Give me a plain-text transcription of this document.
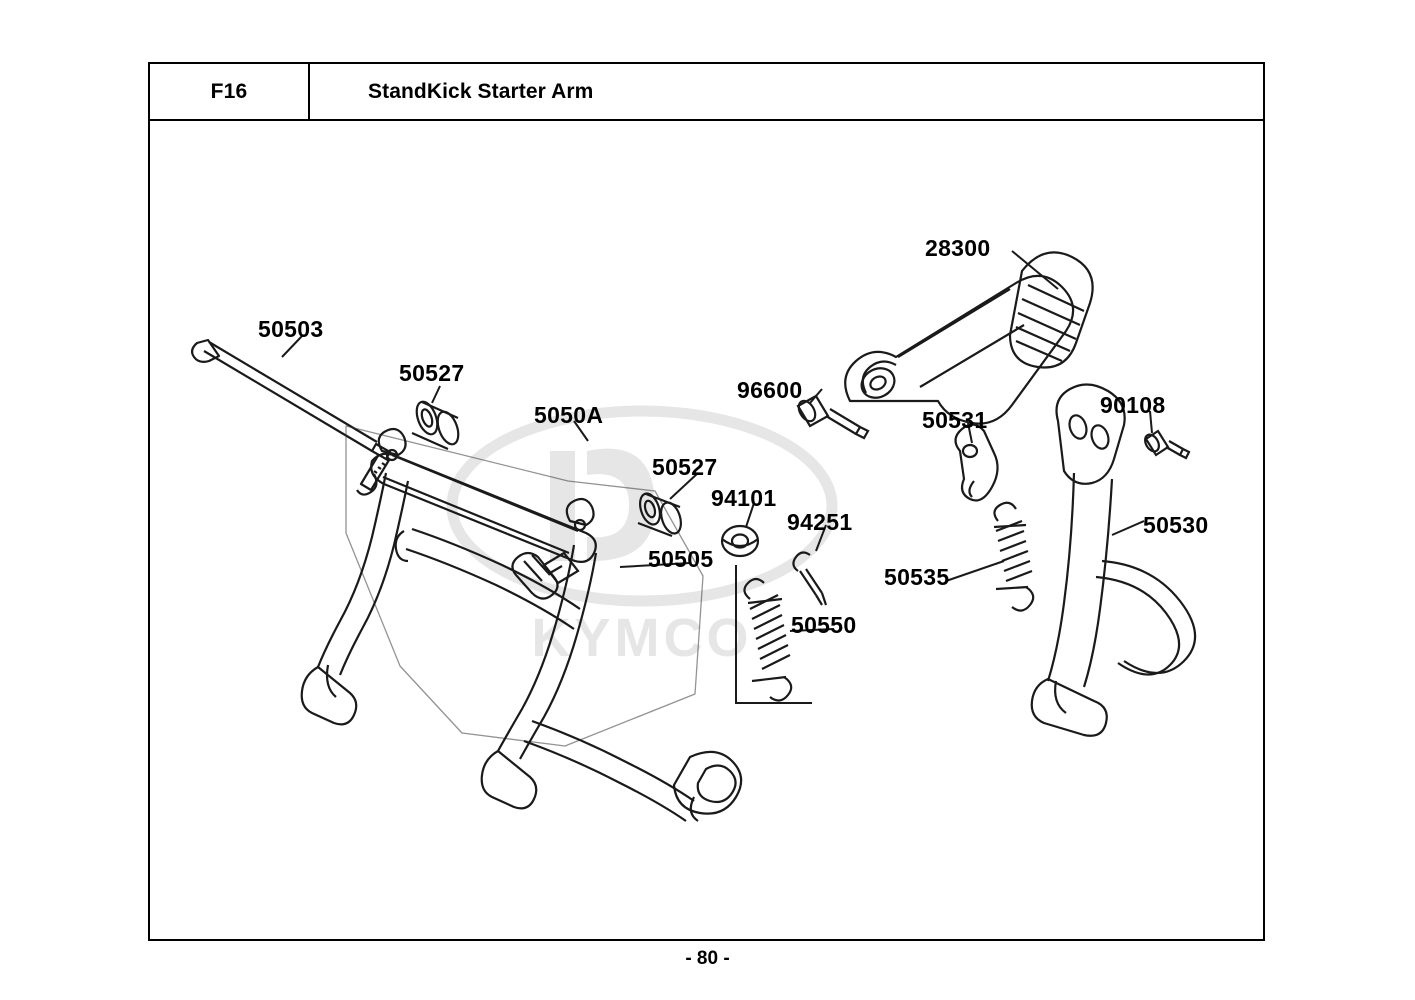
F16	StandKick Starter Arm
KYMCO
50503
50527
5050A
96600
28300
50531
90108
50527
94101
94251	50530
50505
50535
50550
- 80 -
